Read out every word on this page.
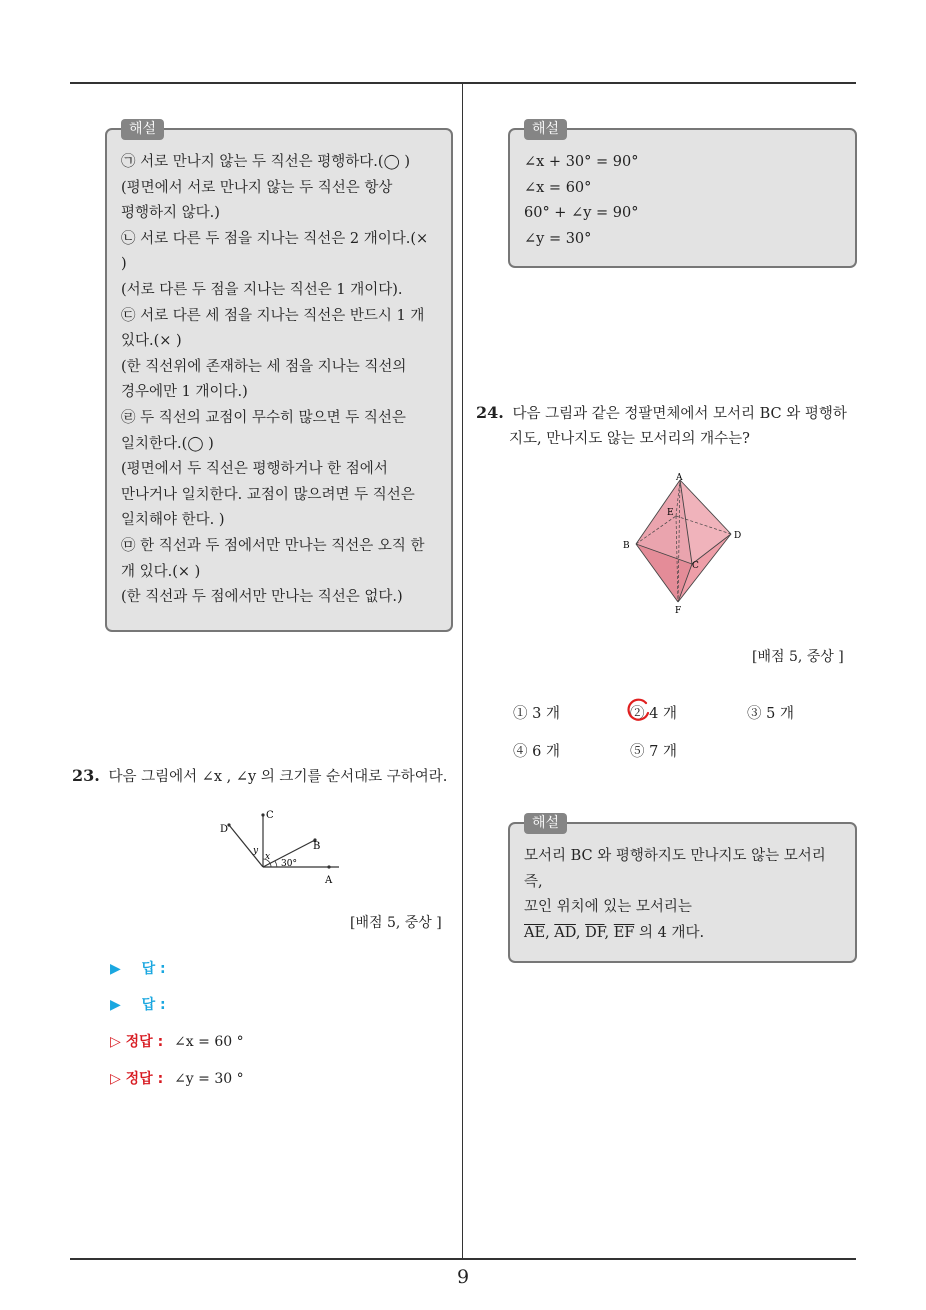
9
해설

㉠ 서로 만나지 않는 두 직선은 평행하다.(◯ )

(평면에서 서로 만나지 않는 두 직선은 항상 평행하지 않다.)

㉡ 서로 다른 두 점을 지나는 직선은 2 개이다.(× )

(서로 다른 두 점을 지나는 직선은 1 개이다).

㉢ 서로 다른 세 점을 지나는 직선은 반드시 1 개 있다.(× )

(한 직선위에 존재하는 세 점을 지나는 직선의 경우에만 1 개이다.)

㉣ 두 직선의 교점이 무수히 많으면 두 직선은 일치한다.(◯ )

(평면에서 두 직선은 평행하거나 한 점에서 만나거나 일치한다. 교점이 많으려면 두 직선은 일치해야 한다. )

㉤ 한 직선과 두 점에서만 만나는 직선은 오직 한 개 있다.(× )

(한 직선과 두 점에서만 만나는 직선은 없다.)

23. 다음 그림에서 ∠x , ∠y 의 크기를 순서대로 구하여라.
C
D
B
A
y
x
30°
[배점 5, 중상 ]
▶ 답 :
▶ 답 :
▷ 정답 : ∠x = 60 °
▷ 정답 : ∠y = 30 °
해설

∠x + 30° = 90°

∠x = 60°

60° + ∠y = 90°

∠y = 30°

24. 다음 그림과 같은 정팔면체에서 모서리 BC 와 평행하지도, 만나지도 않는 모서리의 개수는?
A
E
B
D
C
F
[배점 5, 중상 ]
① 3 개	② 4 개	③ 5 개
④ 6 개	⑤ 7 개
해설

모서리 BC 와 평행하지도 만나지도 않는 모서리 즉,

꼬인 위치에 있는 모서리는

$\overline{AE}$, $\overline{AD}$, $\overline{DF}$, $\overline{EF}$ 의 4 개다.
